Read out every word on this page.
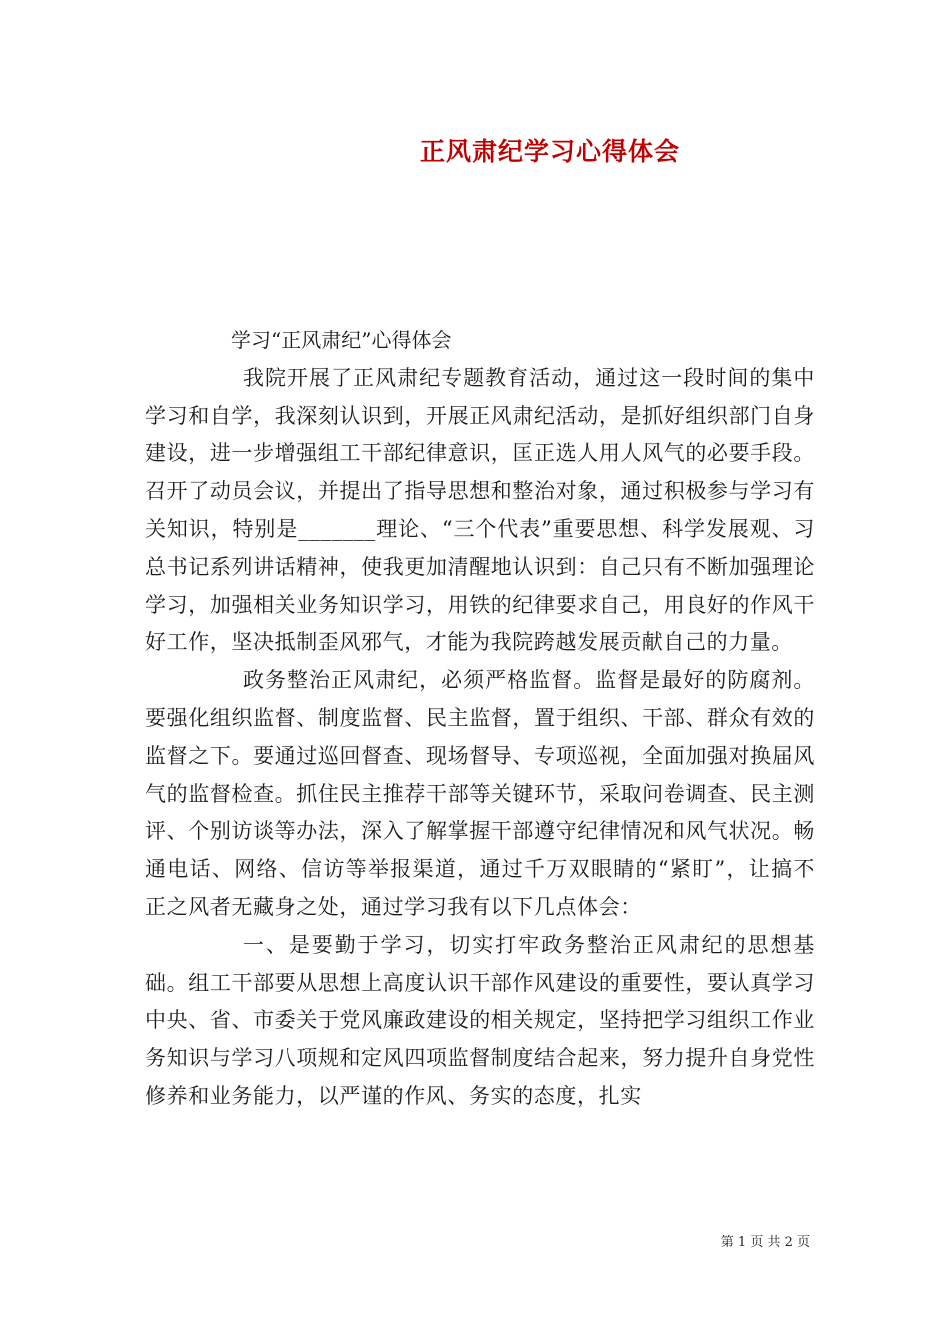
正风肃纪学习心得体会

学习“正风肃纪”心得体会

我院开展了正风肃纪专题教育活动，通过这一段时间的集中学习和自学，我深刻认识到，开展正风肃纪活动，是抓好组织部门自身建设，进一步增强组工干部纪律意识，匡正选人用人风气的必要手段。召开了动员会议，并提出了指导思想和整治对象，通过积极参与学习有关知识，特别是_______理论、“三个代表”重要思想、科学发展观、习总书记系列讲话精神，使我更加清醒地认识到：自己只有不断加强理论学习，加强相关业务知识学习，用铁的纪律要求自己，用良好的作风干好工作，坚决抵制歪风邪气，才能为我院跨越发展贡献自己的力量。

政务整治正风肃纪，必须严格监督。监督是最好的防腐剂。要强化组织监督、制度监督、民主监督，置于组织、干部、群众有效的监督之下。要通过巡回督查、现场督导、专项巡视，全面加强对换届风气的监督检查。抓住民主推荐干部等关键环节，采取问卷调查、民主测评、个别访谈等办法，深入了解掌握干部遵守纪律情况和风气状况。畅通电话、网络、信访等举报渠道，通过千万双眼睛的“紧盯”，让搞不正之风者无藏身之处，通过学习我有以下几点体会：

一、是要勤于学习，切实打牢政务整治正风肃纪的思想基础。组工干部要从思想上高度认识干部作风建设的重要性，要认真学习中央、省、市委关于党风廉政建设的相关规定，坚持把学习组织工作业务知识与学习八项规和定风四项监督制度结合起来，努力提升自身党性修养和业务能力，以严谨的作风、务实的态度，扎实

第 1 页 共 2 页
